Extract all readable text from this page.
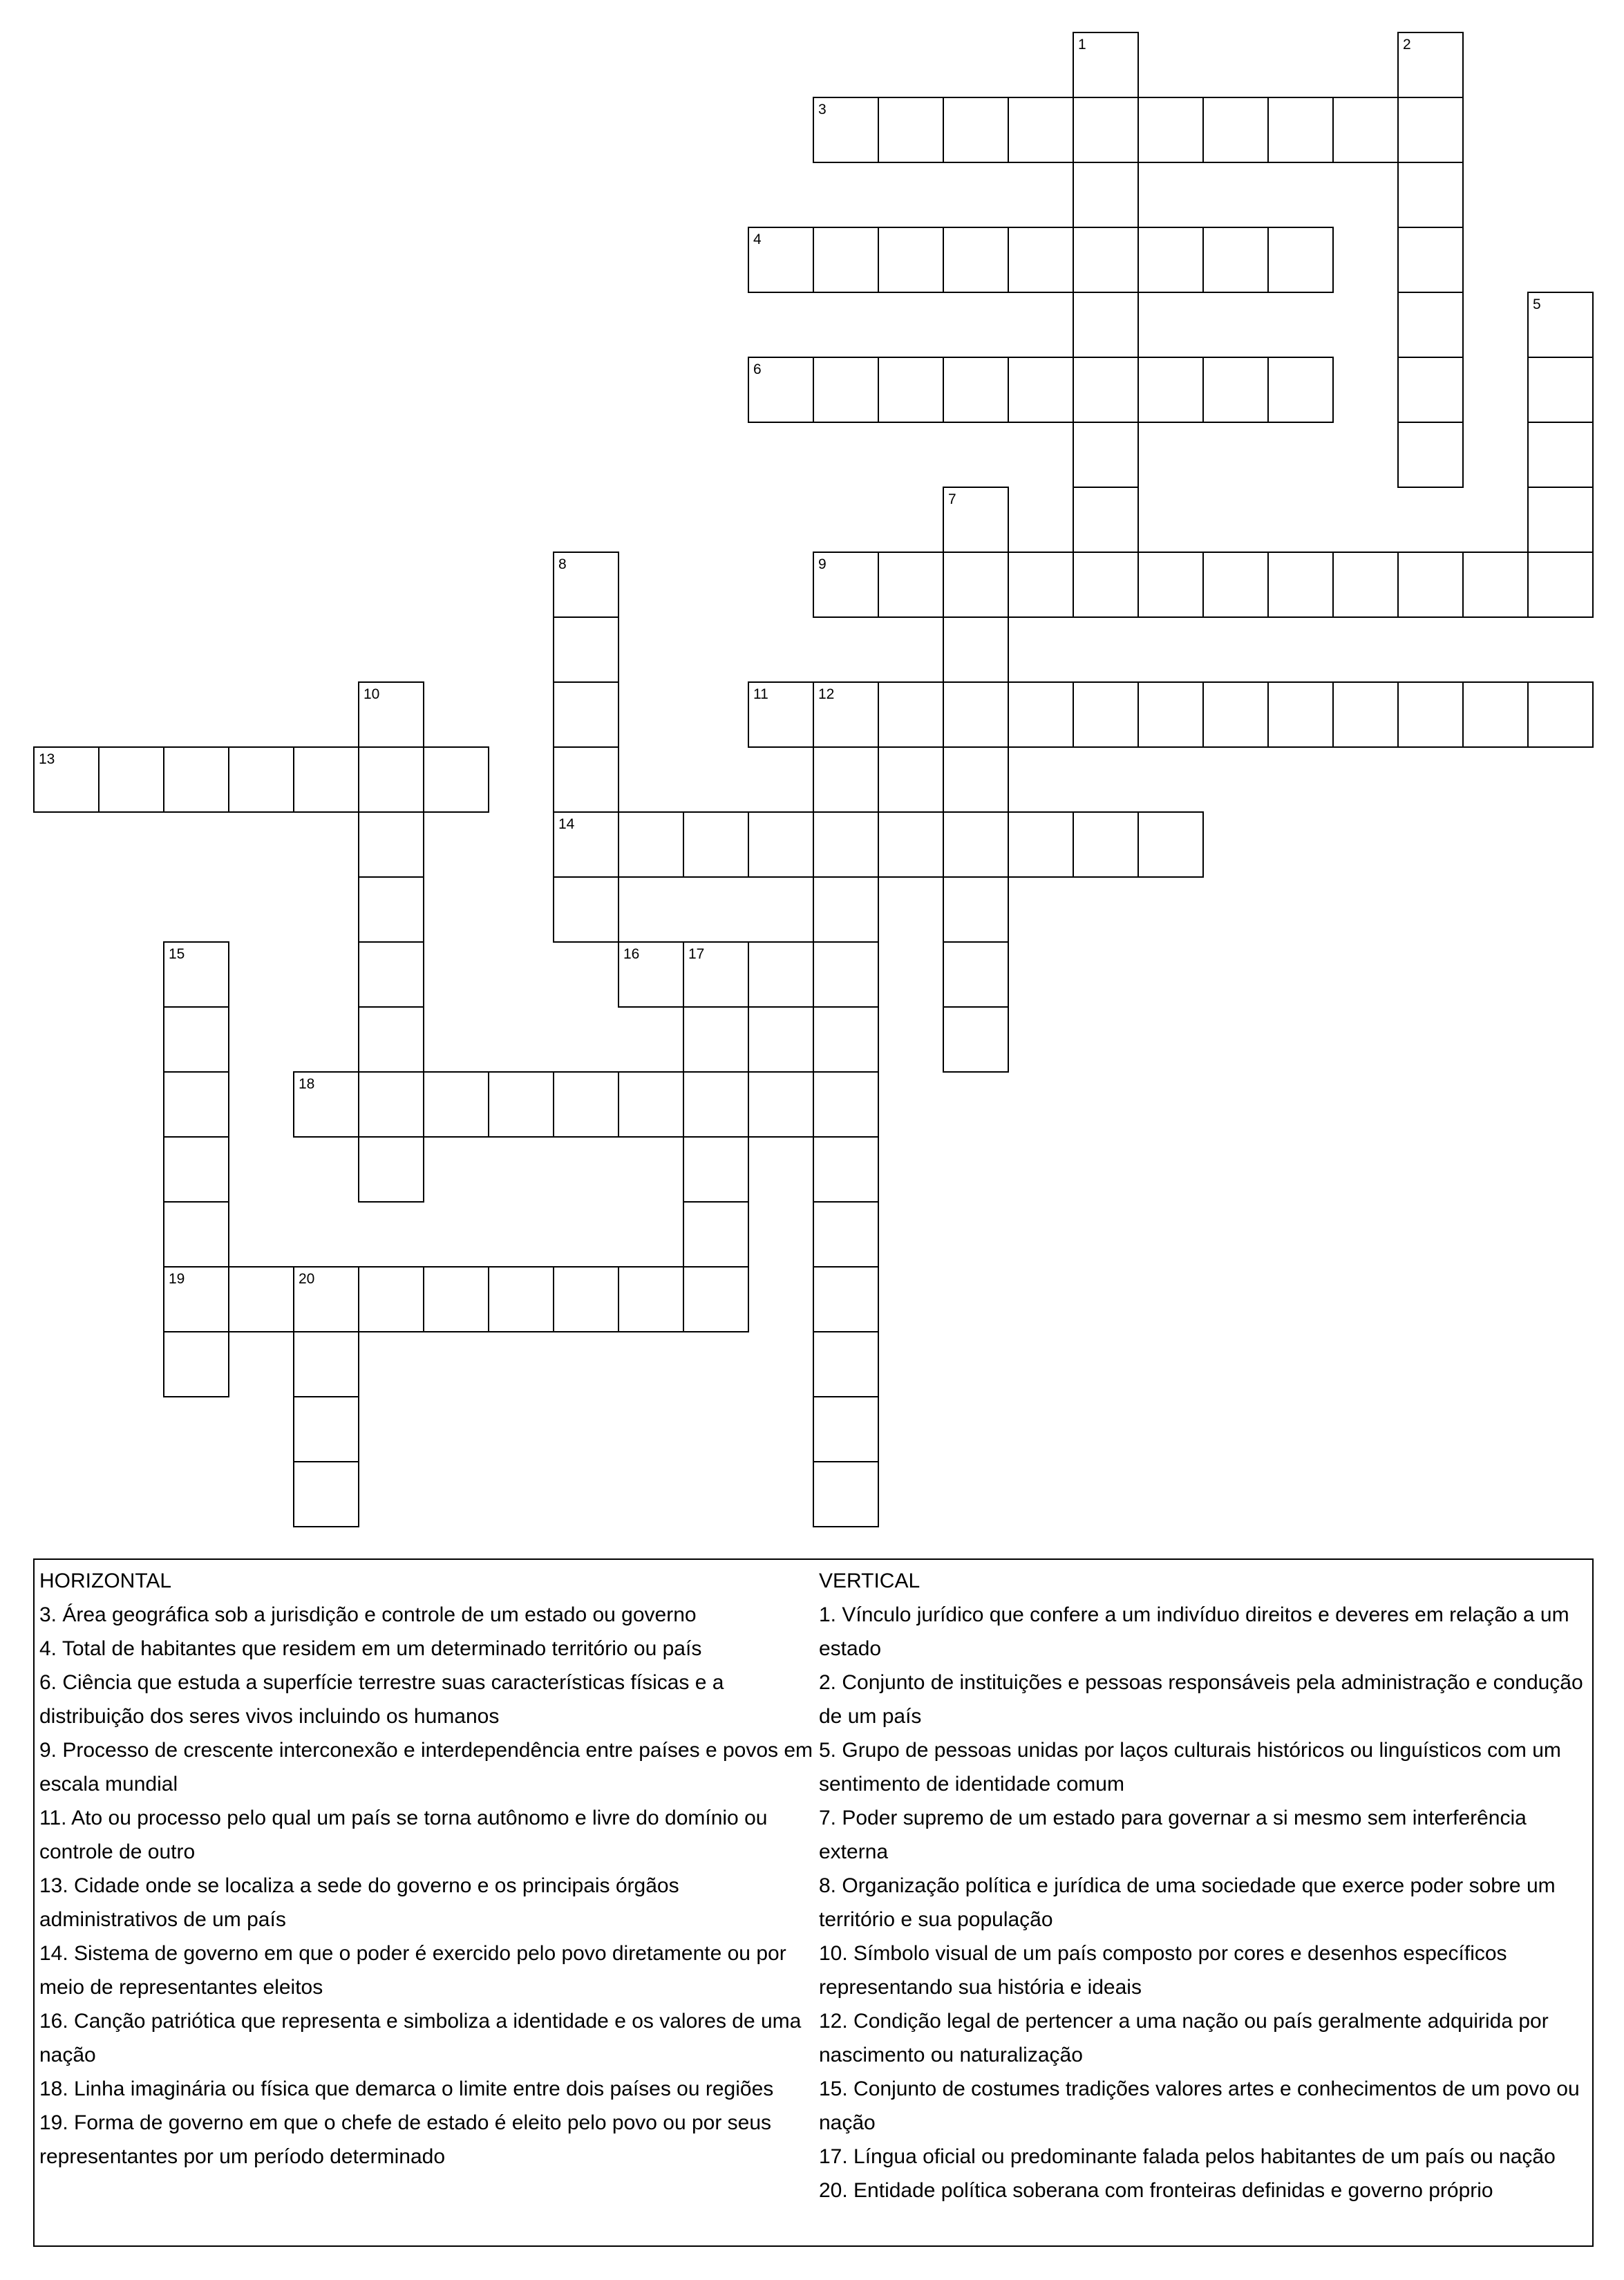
3
4
6
9
11	12
13
14
16	17
18
19	20
1	2
5
7
8
10
15
HORIZONTAL
3. Área geográfica sob a jurisdição e controle de um estado ou governo
4. Total de habitantes que residem em um determinado território ou país
6. Ciência que estuda a superfície terrestre suas características físicas e a distribuição dos seres vivos incluindo os humanos
9. Processo de crescente interconexão e interdependência entre países e povos em escala mundial
11. Ato ou processo pelo qual um país se torna autônomo e livre do domínio ou controle de outro
13. Cidade onde se localiza a sede do governo e os principais órgãos administrativos de um país
14. Sistema de governo em que o poder é exercido pelo povo diretamente ou por meio de representantes eleitos
16. Canção patriótica que representa e simboliza a identidade e os valores de uma nação
18. Linha imaginária ou física que demarca o limite entre dois países ou regiões
19. Forma de governo em que o chefe de estado é eleito pelo povo ou por seus representantes por um período determinado
VERTICAL
1. Vínculo jurídico que confere a um indivíduo direitos e deveres em relação a um estado
2. Conjunto de instituições e pessoas responsáveis pela administração e condução de um país
5. Grupo de pessoas unidas por laços culturais históricos ou linguísticos com um sentimento de identidade comum
7. Poder supremo de um estado para governar a si mesmo sem interferência externa
8. Organização política e jurídica de uma sociedade que exerce poder sobre um território e sua população
10. Símbolo visual de um país composto por cores e desenhos específicos representando sua história e ideais
12. Condição legal de pertencer a uma nação ou país geralmente adquirida por nascimento ou naturalização
15. Conjunto de costumes tradições valores artes e conhecimentos de um povo ou nação
17. Língua oficial ou predominante falada pelos habitantes de um país ou nação
20. Entidade política soberana com fronteiras definidas e governo próprio
